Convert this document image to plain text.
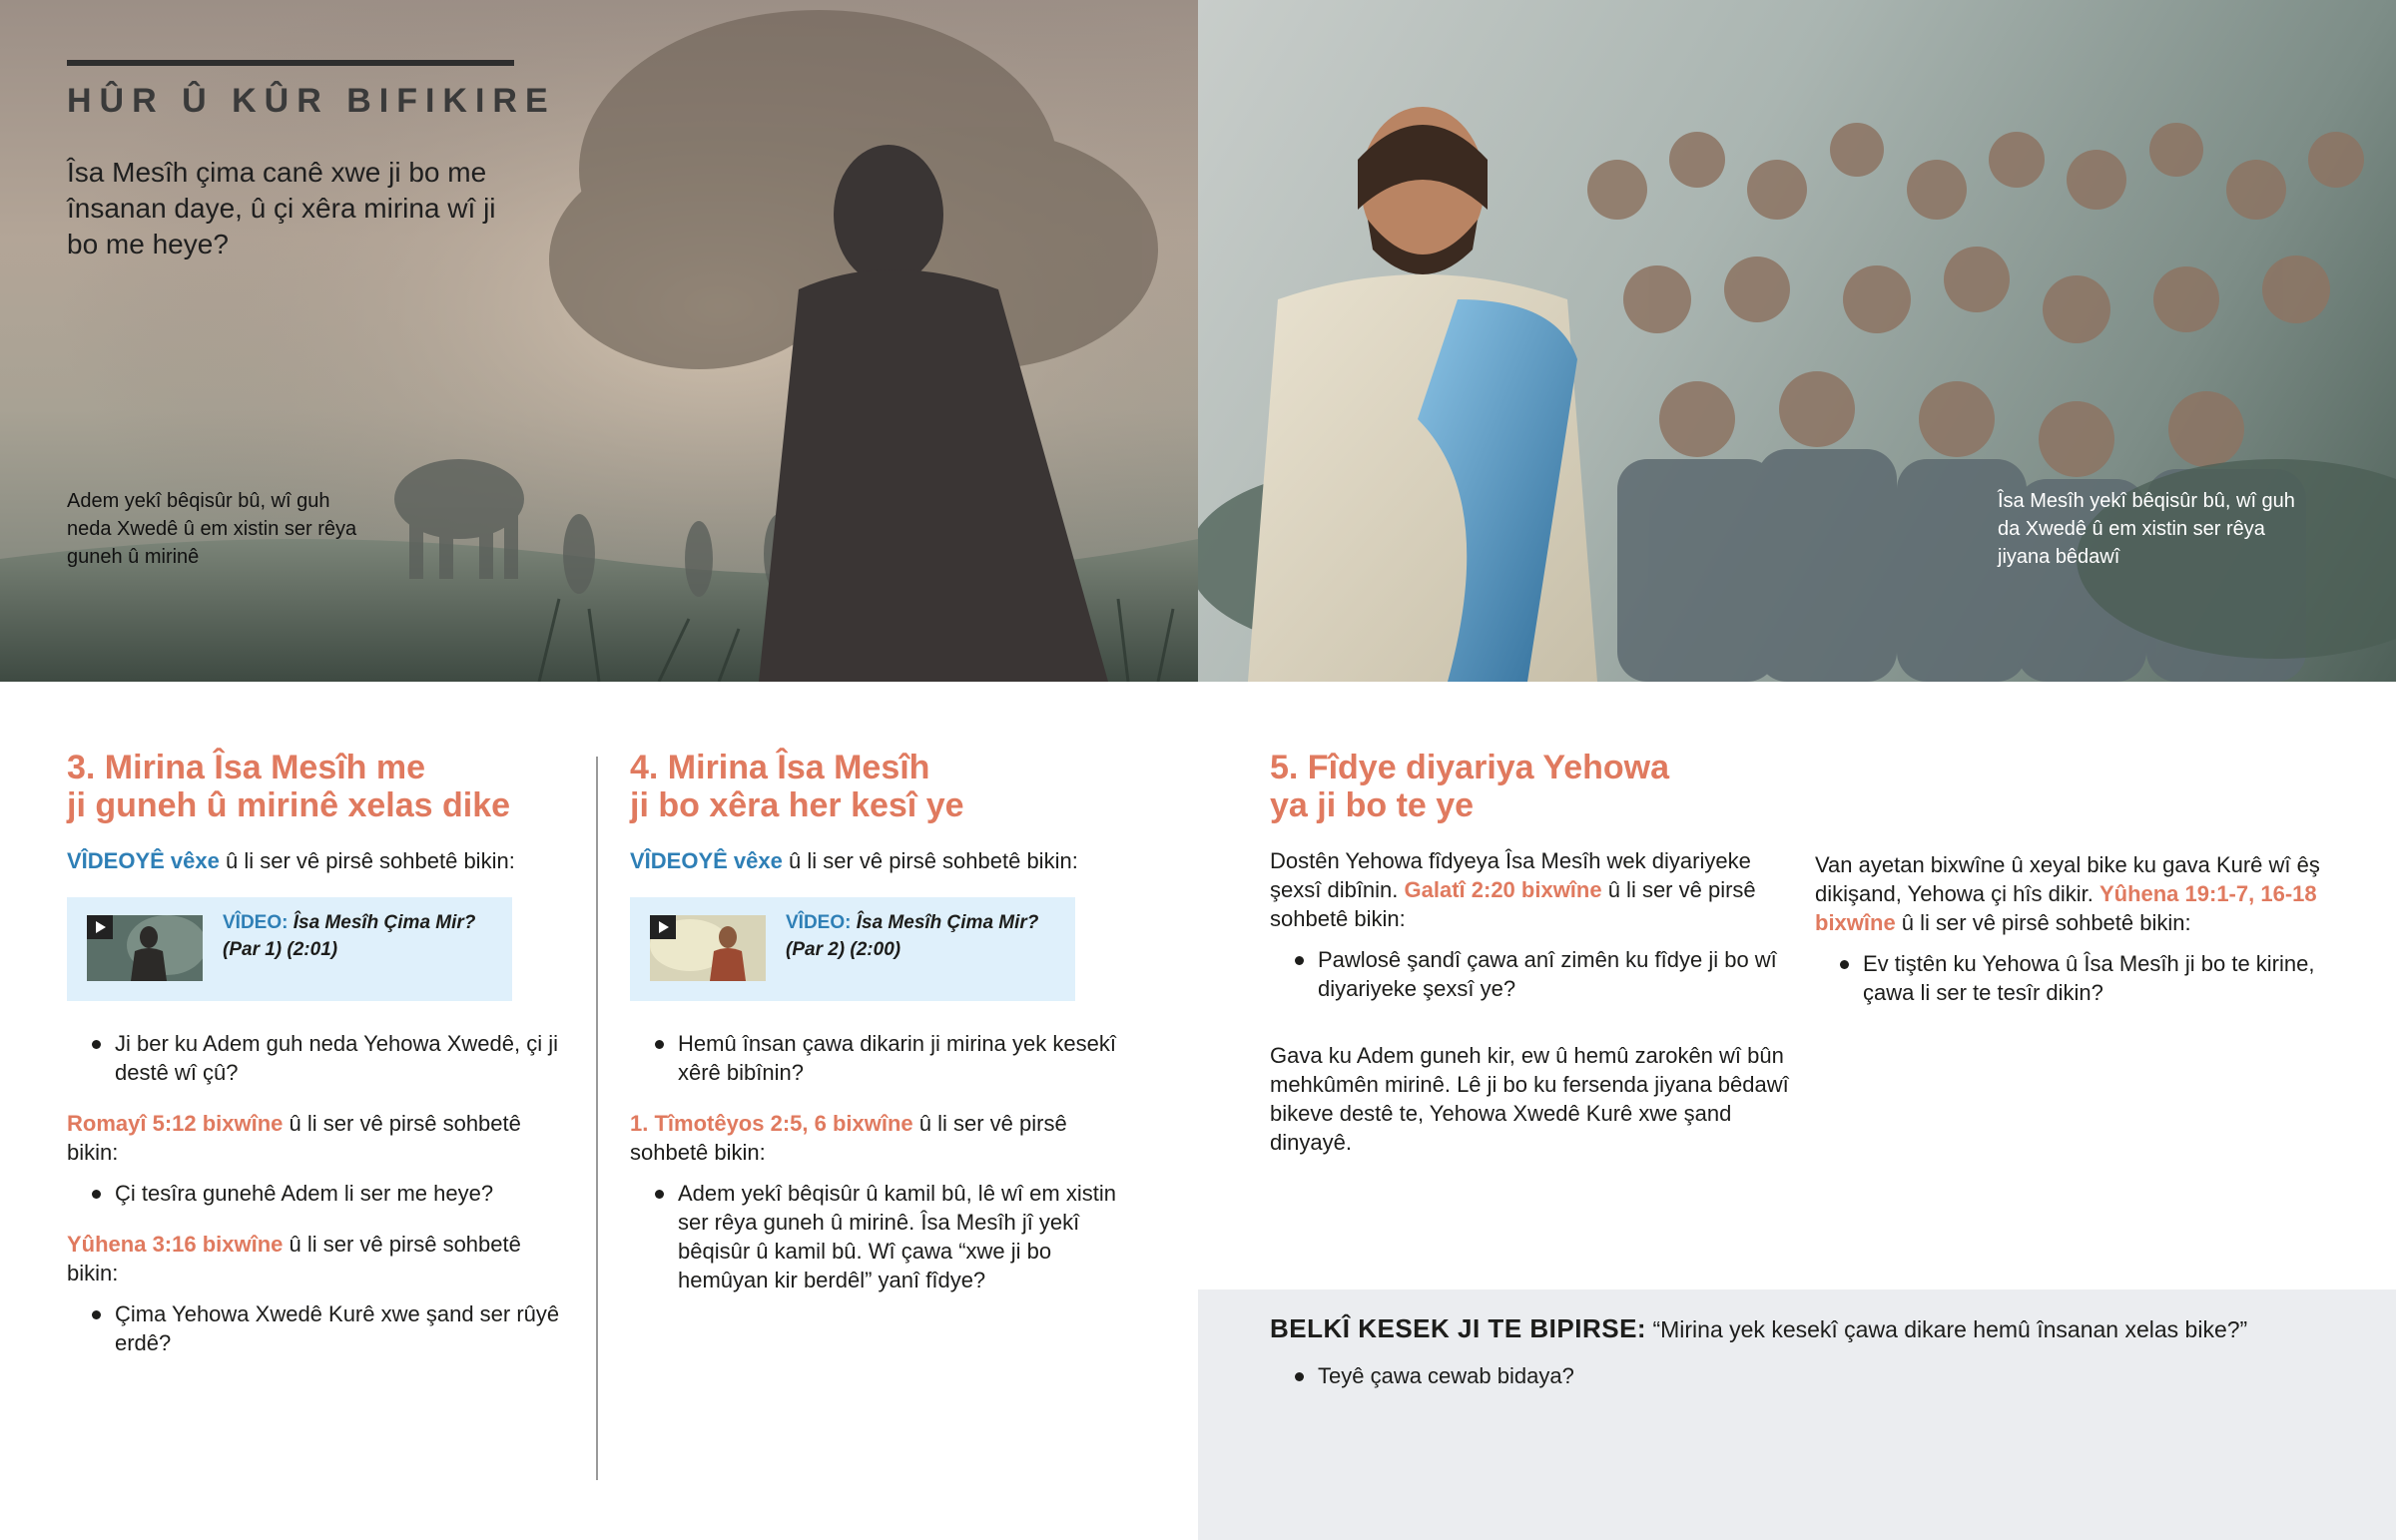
HÛR Û KÛR BIFIKIRE
Îsa Mesîh çima canê xwe ji bo me însanan daye, û çi xêra mirina wî ji bo me heye?
Adem yekî bêqisûr bû, wî guh neda Xwedê û em xistin ser rêya guneh û mirinê
Îsa Mesîh yekî bêqisûr bû, wî guh da Xwedê û em xistin ser rêya jiyana bêdawî
3. Mirina Îsa Mesîh me
ji guneh û mirinê xelas dike
VÎDEOYÊ vêxe û li ser vê pirsê sohbetê bikin:
VÎDEO: Îsa Mesîh Çima Mir?
(Par 1) (2:01)
Ji ber ku Adem guh neda Yehowa Xwedê, çi ji destê wî çû?
Romayî 5:12 bixwîne û li ser vê pirsê sohbetê bikin:
Çi tesîra gunehê Adem li ser me heye?
Yûhena 3:16 bixwîne û li ser vê pirsê sohbetê bikin:
Çima Yehowa Xwedê Kurê xwe şand ser rûyê erdê?
4. Mirina Îsa Mesîh
ji bo xêra her kesî ye
VÎDEOYÊ vêxe û li ser vê pirsê sohbetê bikin:
VÎDEO: Îsa Mesîh Çima Mir?
(Par 2) (2:00)
Hemû însan çawa dikarin ji mirina yek kesekî xêrê bibînin?
1. Tîmotêyos 2:5, 6 bixwîne û li ser vê pirsê sohbetê bikin:
Adem yekî bêqisûr û kamil bû, lê wî em xistin ser rêya guneh û mirinê. Îsa Mesîh jî yekî bêqisûr û kamil bû. Wî çawa “xwe ji bo hemûyan kir berdêl” yanî fîdye?
5. Fîdye diyariya Yehowa
ya ji bo te ye
Dostên Yehowa fîdyeya Îsa Mesîh wek diyariyeke şexsî dibînin. Galatî 2:20 bixwîne û li ser vê pirsê sohbetê bikin:
Pawlosê şandî çawa anî zimên ku fîdye ji bo wî diyariyeke şexsî ye?
Gava ku Adem guneh kir, ew û hemû zarokên wî bûn mehkûmên mirinê. Lê ji bo ku fersenda jiyana bêdawî bikeve destê te, Yehowa Xwedê Kurê xwe şand dinyayê.
Van ayetan bixwîne û xeyal bike ku gava Kurê wî êş dikişand, Yehowa çi hîs dikir. Yûhena 19:1-7, 16-18 bixwîne û li ser vê pirsê sohbetê bikin:
Ev tiştên ku Yehowa û Îsa Mesîh ji bo te kirine, çawa li ser te tesîr dikin?
BELKÎ KESEK JI TE BIPIRSE: “Mirina yek kesekî çawa dikare hemû însanan xelas bike?”
Teyê çawa cewab bidaya?
